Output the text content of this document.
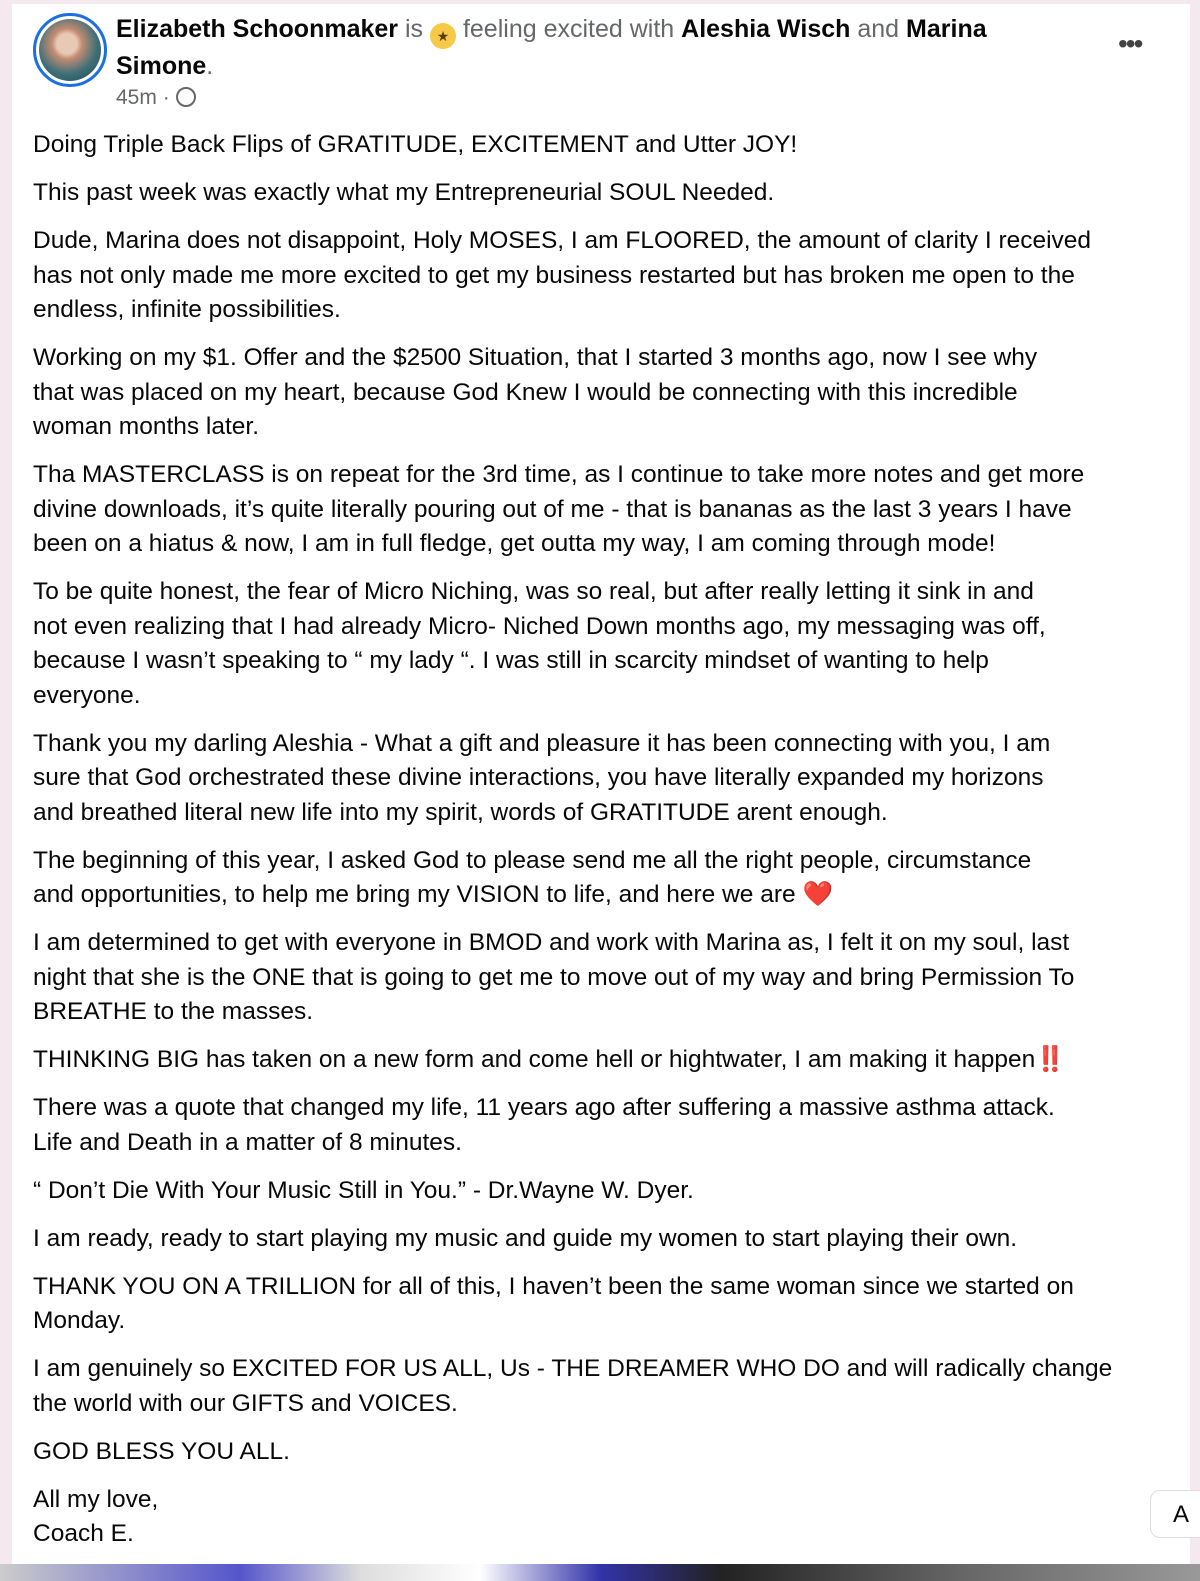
Elizabeth Schoonmaker is ★ feeling excited with Aleshia Wisch and Marina Simone.
45m ·
•••
Doing Triple Back Flips of GRATITUDE, EXCITEMENT and Utter JOY!
This past week was exactly what my Entrepreneurial SOUL Needed.
Dude, Marina does not disappoint, Holy MOSES, I am FLOORED, the amount of clarity I received
has not only made me more excited to get my business restarted but has broken me open to the
endless, infinite possibilities.
Working on my $1. Offer and the $2500 Situation, that I started 3 months ago, now I see why
that was placed on my heart, because God Knew I would be connecting with this incredible
woman months later.
Tha MASTERCLASS is on repeat for the 3rd time, as I continue to take more notes and get more
divine downloads, it’s quite literally pouring out of me - that is bananas as the last 3 years I have
been on a hiatus & now, I am in full fledge, get outta my way, I am coming through mode!
To be quite honest, the fear of Micro Niching, was so real, but after really letting it sink in and
not even realizing that I had already Micro- Niched Down months ago, my messaging was off,
because I wasn’t speaking to “ my lady “. I was still in scarcity mindset of wanting to help
everyone.
Thank you my darling Aleshia - What a gift and pleasure it has been connecting with you, I am
sure that God orchestrated these divine interactions, you have literally expanded my horizons
and breathed literal new life into my spirit, words of GRATITUDE arent enough.
The beginning of this year, I asked God to please send me all the right people, circumstance
and opportunities, to help me bring my VISION to life, and here we are ❤️
I am determined to get with everyone in BMOD and work with Marina as, I felt it on my soul, last
night that she is the ONE that is going to get me to move out of my way and bring Permission To
BREATHE to the masses.
THINKING BIG has taken on a new form and come hell or hightwater, I am making it happen‼️
There was a quote that changed my life, 11 years ago after suffering a massive asthma attack.
Life and Death in a matter of 8 minutes.
“ Don’t Die With Your Music Still in You.” - Dr.Wayne W. Dyer.
I am ready, ready to start playing my music and guide my women to start playing their own.
THANK YOU ON A TRILLION for all of this, I haven’t been the same woman since we started on
Monday.
I am genuinely so EXCITED FOR US ALL, Us - THE DREAMER WHO DO and will radically change
the world with our GIFTS and VOICES.
GOD BLESS YOU ALL.
All my love,
Coach E.
A
